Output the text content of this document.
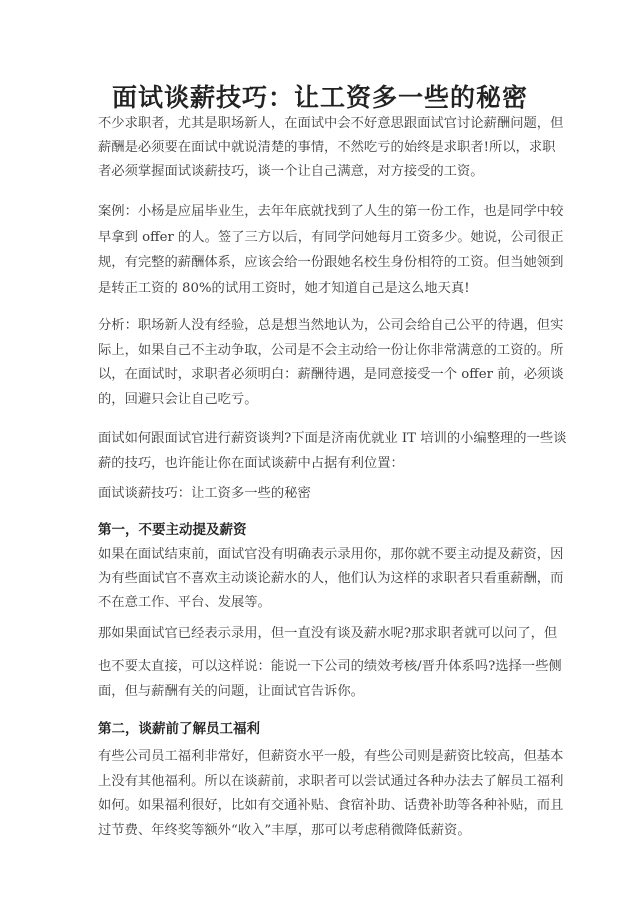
面试谈薪技巧：让工资多一些的秘密
不少求职者，尤其是职场新人，在面试中会不好意思跟面试官讨论薪酬问题，但
薪酬是必须要在面试中就说清楚的事情，不然吃亏的始终是求职者!所以，求职
者必须掌握面试谈薪技巧，谈一个让自己满意，对方接受的工资。
案例：小杨是应届毕业生，去年年底就找到了人生的第一份工作，也是同学中较
早拿到 offer 的人。签了三方以后，有同学问她每月工资多少。她说，公司很正
规，有完整的薪酬体系，应该会给一份跟她名校生身份相符的工资。但当她领到
是转正工资的 80%的试用工资时，她才知道自己是这么地天真!
分析：职场新人没有经验，总是想当然地认为，公司会给自己公平的待遇，但实
际上，如果自己不主动争取，公司是不会主动给一份让你非常满意的工资的。所
以，在面试时，求职者必须明白：薪酬待遇，是同意接受一个 offer 前，必须谈
的，回避只会让自己吃亏。
面试如何跟面试官进行薪资谈判?下面是济南优就业 IT 培训的小编整理的一些谈
薪的技巧，也许能让你在面试谈薪中占据有利位置：
面试谈薪技巧：让工资多一些的秘密
第一，不要主动提及薪资
如果在面试结束前，面试官没有明确表示录用你，那你就不要主动提及薪资，因
为有些面试官不喜欢主动谈论薪水的人，他们认为这样的求职者只看重薪酬，而
不在意工作、平台、发展等。
那如果面试官已经表示录用，但一直没有谈及薪水呢?那求职者就可以问了，但
也不要太直接，可以这样说：能说一下公司的绩效考核/晋升体系吗?选择一些侧
面，但与薪酬有关的问题，让面试官告诉你。
第二，谈薪前了解员工福利
有些公司员工福利非常好，但薪资水平一般，有些公司则是薪资比较高，但基本
上没有其他福利。所以在谈薪前，求职者可以尝试通过各种办法去了解员工福利
如何。如果福利很好，比如有交通补贴、食宿补助、话费补助等各种补贴，而且
过节费、年终奖等额外“收入”丰厚，那可以考虑稍微降低薪资。
